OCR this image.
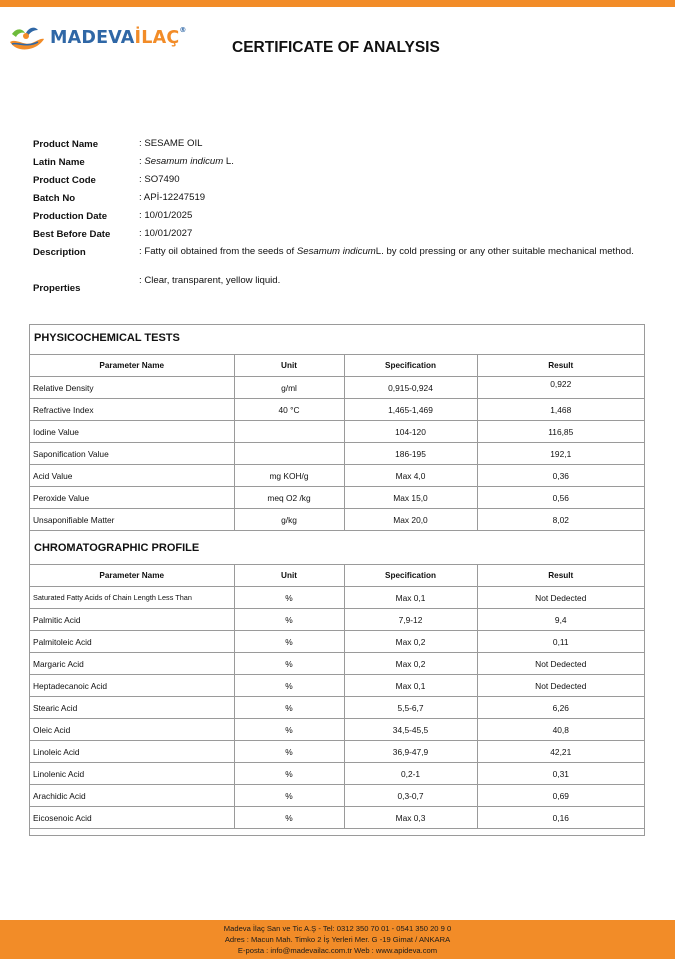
MADEVAİLAÇ®
CERTIFICATE OF ANALYSIS
Product Name	: SESAME OIL
Latin Name	: Sesamum indicum L.
Product Code	: SO7490
Batch No	: APİ-12247519
Production Date	: 10/01/2025
Best Before Date	: 10/01/2027
Description	: Fatty oil obtained from the seeds of Sesamum indicumL. by cold pressing or any other suitable mechanical method.
Properties
: Clear, transparent, yellow liquid.
PHYSICOCHEMICAL TESTS
Parameter Name	Unit	Specification	Result
Relative Density	g/ml	0,915-0,924	0,922
Refractive Index	40 °C	1,465-1,469	1,468
Iodine Value		104-120	116,85
Saponification Value		186-195	192,1
Acid Value	mg KOH/g	Max 4,0	0,36
Peroxide Value	meq O2 /kg	Max 15,0	0,56
Unsaponifiable Matter	g/kg	Max 20,0	8,02
CHROMATOGRAPHIC PROFILE
Parameter Name	Unit	Specification	Result
Saturated Fatty Acids of Chain Length Less Than	%	Max 0,1	Not Dedected
Palmitic Acid	%	7,9-12	9,4
Palmitoleic Acid	%	Max 0,2	0,11
Margaric Acid	%	Max 0,2	Not Dedected
Heptadecanoic Acid	%	Max 0,1	Not Dedected
Stearic Acid	%	5,5-6,7	6,26
Oleic Acid	%	34,5-45,5	40,8
Linoleic Acid	%	36,9-47,9	42,21
Linolenic Acid	%	0,2-1	0,31
Arachidic Acid	%	0,3-0,7	0,69
Eicosenoic Acid	%	Max 0,3	0,16
Madeva İlaç San ve Tic A.Ş - Tel: 0312 350 70 01 - 0541 350 20 9 0
Adres : Macun Mah. Timko 2 İş Yerleri Mer. G -19 Gimat / ANKARA
E-posta : info@madevailac.com.tr Web : www.apideva.com
